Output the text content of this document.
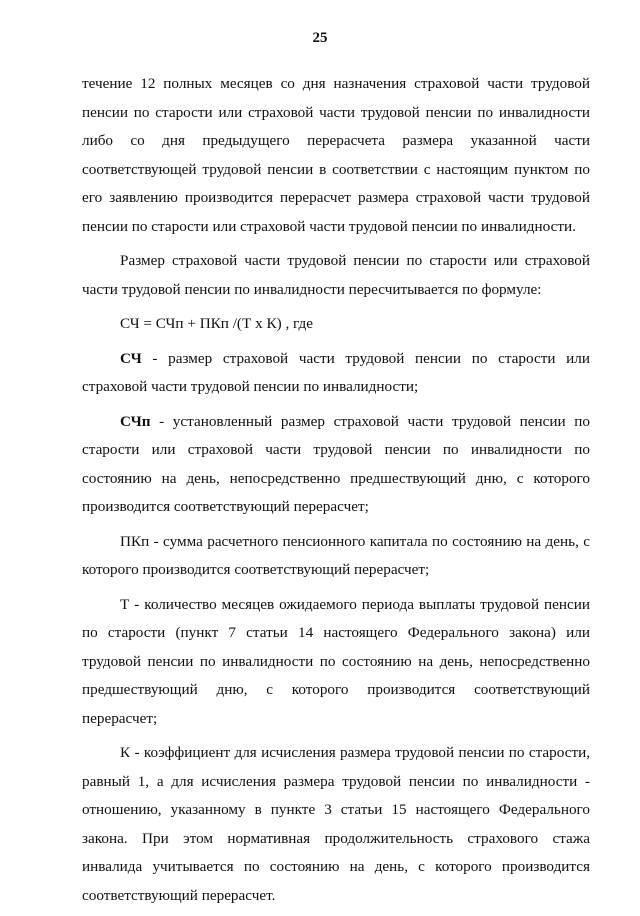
25

течение 12 полных месяцев со дня назначения страховой части трудовой пенсии по старости или страховой части трудовой пенсии по инвалидности либо со дня предыдущего перерасчета размера указанной части соответствующей трудовой пенсии в соответствии с настоящим пунктом по его заявлению производится перерасчет размера страховой части трудовой пенсии по старости или страховой части трудовой пенсии по инвалидности.

Размер страховой части трудовой пенсии по старости или страховой части трудовой пенсии по инвалидности пересчитывается по формуле:

СЧ = СЧп + ПКп /(Т х К) , где

СЧ - размер страховой части трудовой пенсии по старости или страховой части трудовой пенсии по инвалидности;

СЧп - установленный размер страховой части трудовой пенсии по старости или страховой части трудовой пенсии по инвалидности по состоянию на день, непосредственно предшествующий дню, с которого производится соответствующий перерасчет;

ПКп - сумма расчетного пенсионного капитала по состоянию на день, с которого производится соответствующий перерасчет;

Т - количество месяцев ожидаемого периода выплаты трудовой пенсии по старости (пункт 7 статьи 14 настоящего Федерального закона) или трудовой пенсии по инвалидности по состоянию на день, непосредственно предшествующий дню, с которого производится соответствующий перерасчет;

К - коэффициент для исчисления размера трудовой пенсии по старости, равный 1, а для исчисления размера трудовой пенсии по инвалидности - отношению, указанному в пункте 3 статьи 15 настоящего Федерального закона. При этом нормативная продолжительность страхового стажа инвалида учитывается по состоянию на день, с которого производится соответствующий перерасчет.
